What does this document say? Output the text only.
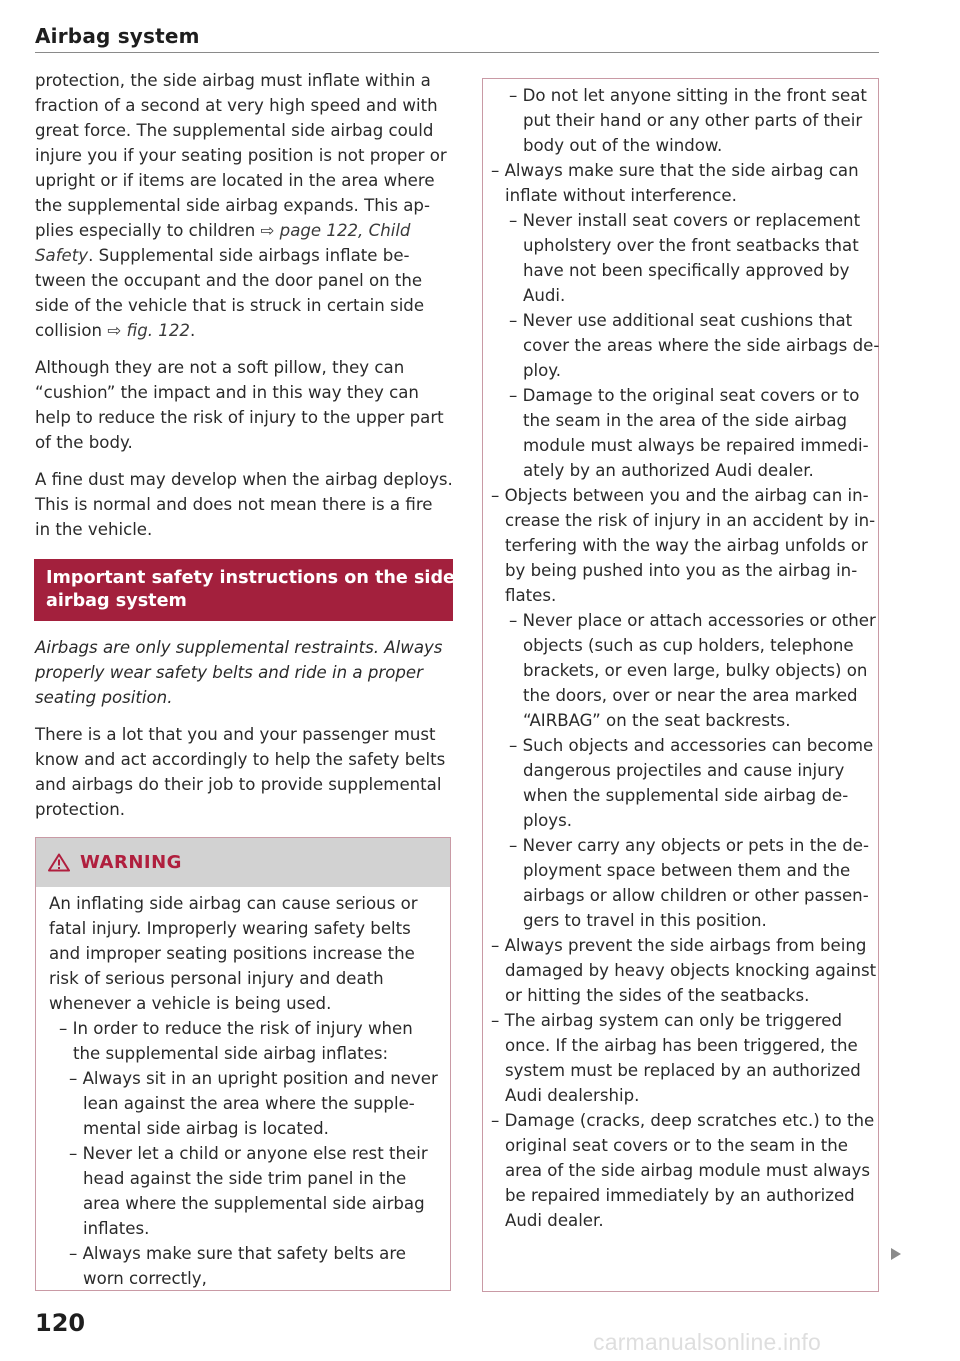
Airbag system
protection, the side airbag must inflate within a
fraction of a second at very high speed and with
great force. The supplemental side airbag could
injure you if your seating position is not proper or
upright or if items are located in the area where
the supplemental side airbag expands. This ap-
plies especially to children ⇨ page 122, Child
Safety. Supplemental side airbags inflate be-
tween the occupant and the door panel on the
side of the vehicle that is struck in certain side
collision ⇨ fig. 122.
Although they are not a soft pillow, they can
“cushion” the impact and in this way they can
help to reduce the risk of injury to the upper part
of the body.
A fine dust may develop when the airbag deploys.
This is normal and does not mean there is a fire
in the vehicle.
Important safety instructions on the side
airbag system
Airbags are only supplemental restraints. Always
properly wear safety belts and ride in a proper
seating position.
There is a lot that you and your passenger must
know and act accordingly to help the safety belts
and airbags do their job to provide supplemental
protection.
WARNING
An inflating side airbag can cause serious or
fatal injury. Improperly wearing safety belts
and improper seating positions increase the
risk of serious personal injury and death
whenever a vehicle is being used.
– In order to reduce the risk of injury when
the supplemental side airbag inflates:
– Always sit in an upright position and never
lean against the area where the supple-
mental side airbag is located.
– Never let a child or anyone else rest their
head against the side trim panel in the
area where the supplemental side airbag
inflates.
– Always make sure that safety belts are
worn correctly,
– Do not let anyone sitting in the front seat
put their hand or any other parts of their
body out of the window.
– Always make sure that the side airbag can
inflate without interference.
– Never install seat covers or replacement
upholstery over the front seatbacks that
have not been specifically approved by
Audi.
– Never use additional seat cushions that
cover the areas where the side airbags de-
ploy.
– Damage to the original seat covers or to
the seam in the area of the side airbag
module must always be repaired immedi-
ately by an authorized Audi dealer.
– Objects between you and the airbag can in-
crease the risk of injury in an accident by in-
terfering with the way the airbag unfolds or
by being pushed into you as the airbag in-
flates.
– Never place or attach accessories or other
objects (such as cup holders, telephone
brackets, or even large, bulky objects) on
the doors, over or near the area marked
“AIRBAG” on the seat backrests.
– Such objects and accessories can become
dangerous projectiles and cause injury
when the supplemental side airbag de-
ploys.
– Never carry any objects or pets in the de-
ployment space between them and the
airbags or allow children or other passen-
gers to travel in this position.
– Always prevent the side airbags from being
damaged by heavy objects knocking against
or hitting the sides of the seatbacks.
– The airbag system can only be triggered
once. If the airbag has been triggered, the
system must be replaced by an authorized
Audi dealership.
– Damage (cracks, deep scratches etc.) to the
original seat covers or to the seam in the
area of the side airbag module must always
be repaired immediately by an authorized
Audi dealer.
120
carmanualsonline.info
